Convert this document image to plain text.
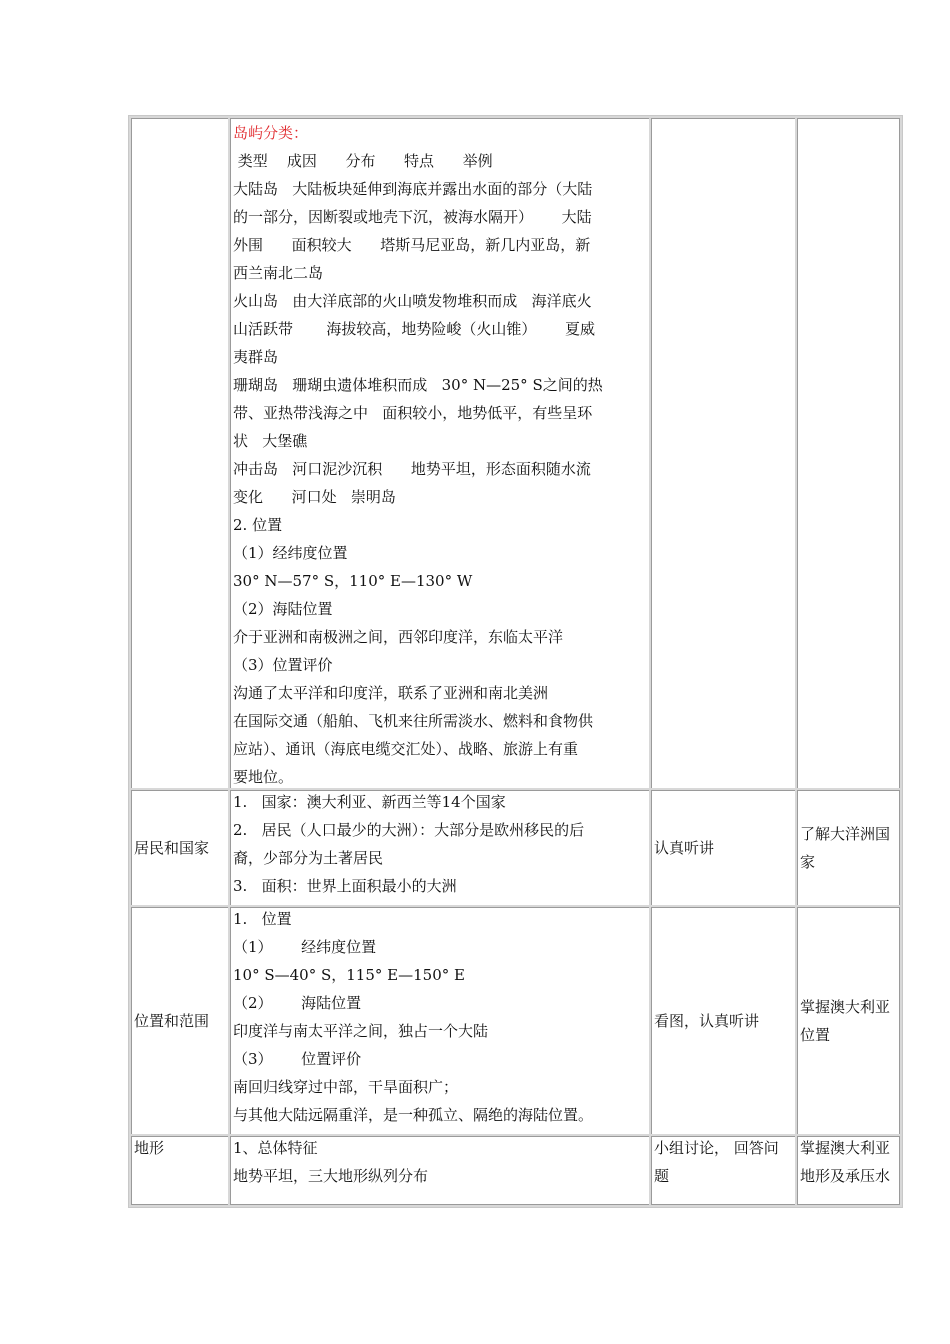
岛屿分类：
类型    成因      分布      特点      举例
大陆岛   大陆板块延伸到海底并露出水面的部分（大陆
的一部分，因断裂或地壳下沉，被海水隔开）      大陆
外围      面积较大      塔斯马尼亚岛，新几内亚岛，新
西兰南北二岛
火山岛   由大洋底部的火山喷发物堆积而成   海洋底火
山活跃带       海拔较高，地势险峻（火山锥）      夏威
夷群岛
珊瑚岛   珊瑚虫遗体堆积而成   30° N—25° S之间的热
带、亚热带浅海之中   面积较小，地势低平，有些呈环
状   大堡礁
冲击岛   河口泥沙沉积      地势平坦，形态面积随水流
变化      河口处   崇明岛
2. 位置
（1）经纬度位置
30° N—57° S，110° E—130° W
（2）海陆位置
介于亚洲和南极洲之间，西邻印度洋，东临太平洋
（3）位置评价
沟通了太平洋和印度洋，联系了亚洲和南北美洲
在国际交通（船舶、飞机来往所需淡水、燃料和食物供
应站）、通讯（海底电缆交汇处）、战略、旅游上有重
要地位。
居民和国家
1.   国家：澳大利亚、新西兰等14个国家
2.   居民（人口最少的大洲）：大部分是欧州移民的后
裔，少部分为土著居民
3.   面积：世界上面积最小的大洲
认真听讲
了解大洋洲国
家
位置和范围
1.   位置
（1）      经纬度位置
10° S—40° S，115° E—150° E
（2）      海陆位置
印度洋与南太平洋之间，独占一个大陆
（3）      位置评价
南回归线穿过中部，干旱面积广；
与其他大陆远隔重洋，是一种孤立、隔绝的海陆位置。
看图，认真听讲
掌握澳大利亚
位置
地形	1、总体特征
地势平坦，三大地形纵列分布
小组讨论， 回答问
题
掌握澳大利亚
地形及承压水
